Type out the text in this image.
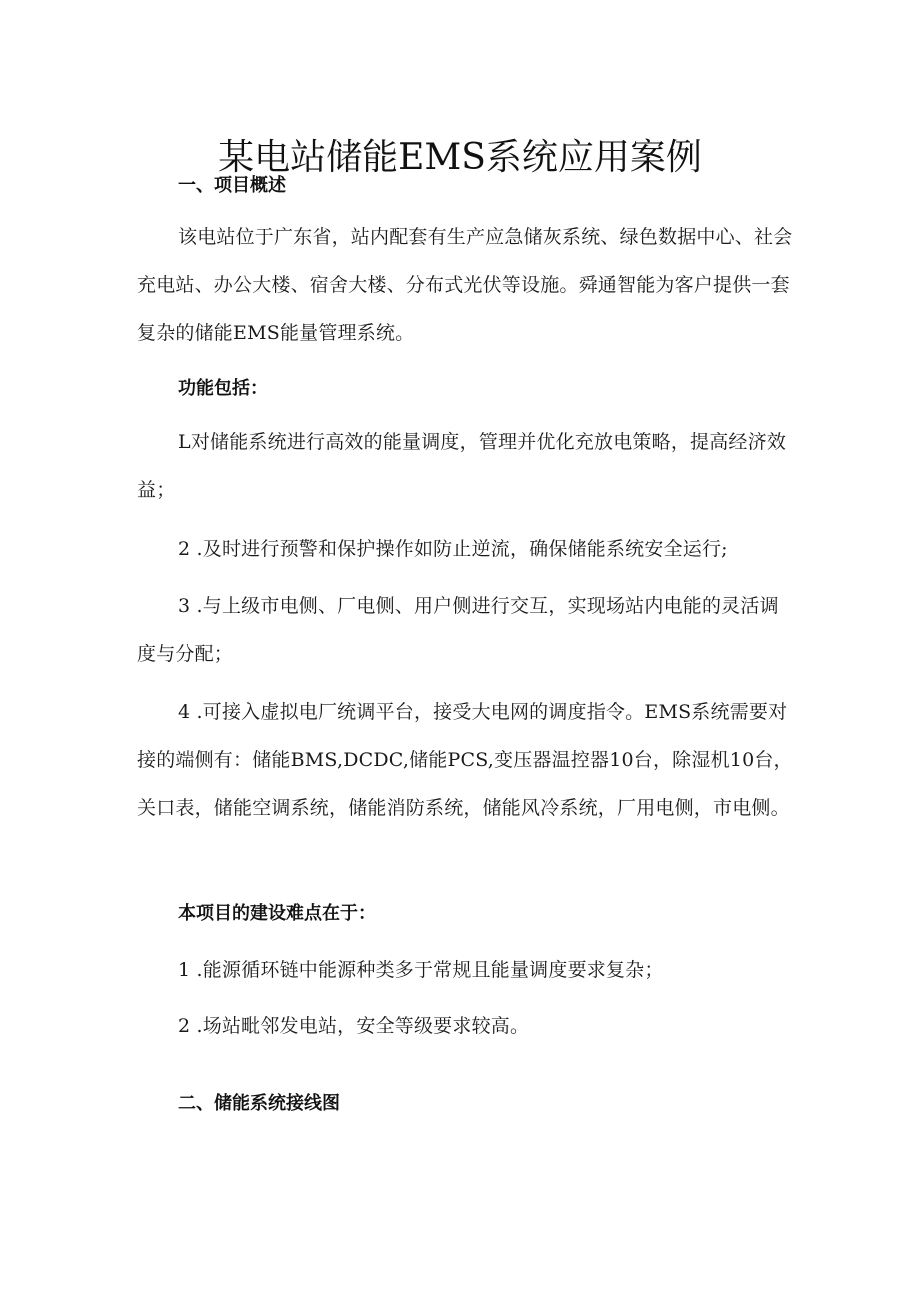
某电站储能EMS系统应用案例
一、项目概述

该电站位于广东省，站内配套有生产应急储灰系统、绿色数据中心、社会充电站、办公大楼、宿舍大楼、分布式光伏等设施。舜通智能为客户提供一套复杂的储能EMS能量管理系统。

功能包括：

L对储能系统进行高效的能量调度，管理并优化充放电策略，提高经济效益；

2 .及时进行预警和保护操作如防止逆流，确保储能系统安全运行;

3 .与上级市电侧、厂电侧、用户侧进行交互，实现场站内电能的灵活调度与分配；

4 .可接入虚拟电厂统调平台，接受大电网的调度指令。EMS系统需要对接的端侧有：储能BMS,DCDC,储能PCS,变压器温控器10台，除湿机10台，关口表，储能空调系统，储能消防系统，储能风冷系统，厂用电侧，市电侧。

本项目的建设难点在于：

1 .能源循环链中能源种类多于常规且能量调度要求复杂；

2 .场站毗邻发电站，安全等级要求较高。

二、储能系统接线图
